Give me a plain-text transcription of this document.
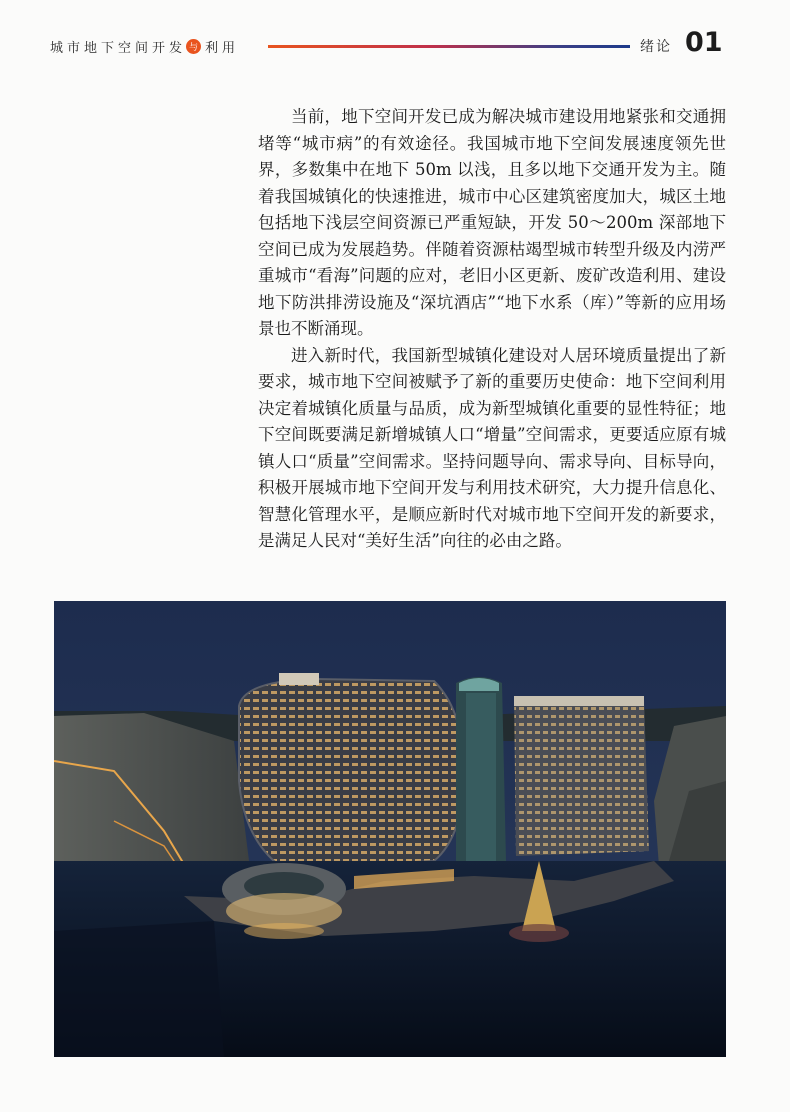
城市地下空间开发 与 利用	绪论 01

当前，地下空间开发已成为解决城市建设用地紧张和交通拥堵等“城市病”的有效途径。我国城市地下空间发展速度领先世界，多数集中在地下 50m 以浅，且多以地下交通开发为主。随着我国城镇化的快速推进，城市中心区建筑密度加大，城区土地包括地下浅层空间资源已严重短缺，开发 50～200m 深部地下空间已成为发展趋势。伴随着资源枯竭型城市转型升级及内涝严重城市“看海”问题的应对，老旧小区更新、废矿改造利用、建设地下防洪排涝设施及“深坑酒店”“地下水系（库）”等新的应用场景也不断涌现。

进入新时代，我国新型城镇化建设对人居环境质量提出了新要求，城市地下空间被赋予了新的重要历史使命：地下空间利用决定着城镇化质量与品质，成为新型城镇化重要的显性特征；地下空间既要满足新增城镇人口“增量”空间需求，更要适应原有城镇人口“质量”空间需求。坚持问题导向、需求导向、目标导向，积极开展城市地下空间开发与利用技术研究，大力提升信息化、智慧化管理水平，是顺应新时代对城市地下空间开发的新要求，是满足人民对“美好生活”向往的必由之路。
